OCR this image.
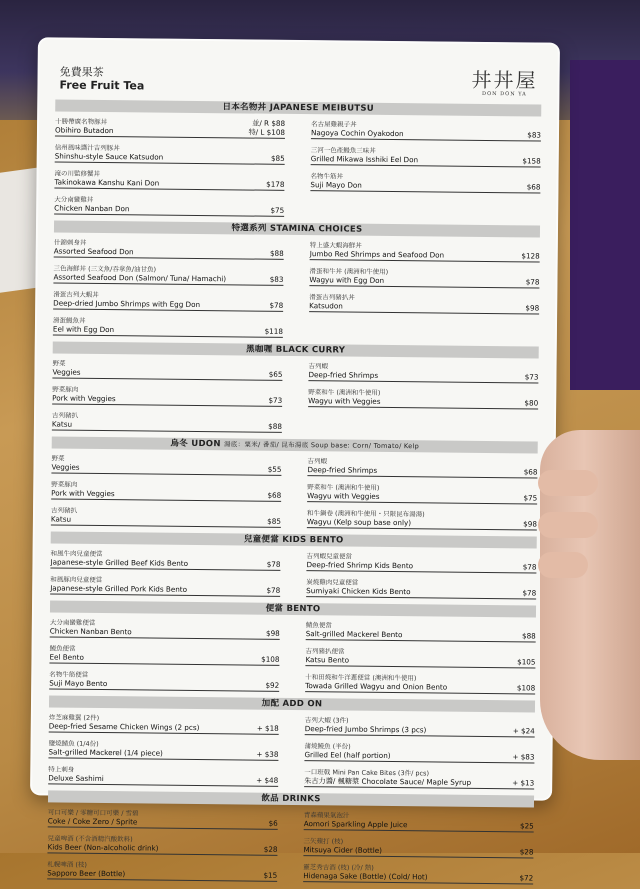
免費果茶
Free Fruit Tea	丼丼屋
DON DON YA
日本名物丼 JAPANESE MEIBUTSU
十勝帶廣名物豚丼
Obihiro Butadon
並/ R $88
特/ L $108
名古屋雞親子丼
Nagoya Cochin Oyakodon	$83
信州風味醬汁吉列豚丼
Shinshu-style Sauce Katsudon	$85
三河一色產鰻魚三味丼
Grilled Mikawa Isshiki Eel Don	$158
滝の川監修蟹丼
Takinokawa Kanshu Kani Don	$178
名物牛筋丼
Suji Mayo Don	$68
大分南蠻雞丼
Chicken Nanban Don	$75
特選系列 STAMINA CHOICES
什錦刺身丼
Assorted Seafood Don	$88
特上盛大蝦海鮮丼
Jumbo Red Shrimps and Seafood Don	$128
三色海鮮丼 (三文魚/吞拿魚/油甘魚)
Assorted Seafood Don (Salmon/ Tuna/ Hamachi)	$83
滑蛋和牛丼 (澳洲和牛使用)
Wagyu with Egg Don	$78
滑蛋吉列大蝦丼
Deep-dried Jumbo Shrimps with Egg Don	$78
滑蛋吉列豬扒丼
Katsudon	$98
滑蛋鰻魚丼
Eel with Egg Don	$118
黑咖喱 BLACK CURRY
野菜
Veggies	$65
吉列蝦
Deep-fried Shrimps	$73
野菜豚肉
Pork with Veggies	$73
野菜和牛 (澳洲和牛使用)
Wagyu with Veggies	$80
吉列豬扒
Katsu	$88
烏冬 UDON 湯底：粟米/ 番茄/ 昆布湯底 Soup base: Corn/ Tomato/ Kelp
野菜
Veggies	$55
吉列蝦
Deep-fried Shrimps	$68
野菜豚肉
Pork with Veggies	$68
野菜和牛 (澳洲和牛使用)
Wagyu with Veggies	$75
吉列豬扒
Katsu	$85
和牛鍋卷 (澳洲和牛使用・只限昆布湯湯)
Wagyu (Kelp soup base only)	$98
兒童便當 KIDS BENTO
和風牛肉兒童便當
Japanese-style Grilled Beef Kids Bento	$78
吉列蝦兒童便當
Deep-fried Shrimp Kids Bento	$78
和風豚肉兒童便當
Japanese-style Grilled Pork Kids Bento	$78
炭燒雞肉兒童便當
Sumiyaki Chicken Kids Bento	$78
便當 BENTO
大分南蠻雞便當
Chicken Nanban Bento	$98
鯖魚便當
Salt-grilled Mackerel Bento	$88
鰻魚便當
Eel Bento	$108
吉列豬扒便當
Katsu Bento	$105
名物牛筋便當
Suji Mayo Bento	$92
十和田燒和牛洋蔥便當 (澳洲和牛使用)
Towada Grilled Wagyu and Onion Bento	$108
加配 ADD ON
炸芝麻雞翼 (2件)
Deep-fried Sesame Chicken Wings (2 pcs)	+ $18
吉列大蝦 (3件)
Deep-fried Jumbo Shrimps (3 pcs)	+ $24
鹽燒鯖魚 (1/4份)
Salt-grilled Mackerel (1/4 piece)	+ $38
蒲燒鰻魚 (半份)
Grilled Eel (half portion)	+ $83
特上刺身
Deluxe Sashimi	+ $48
一口班戟 Mini Pan Cake Bites (3件/ pcs)
朱古力醬/ 楓糖漿 Chocolate Sauce/ Maple Syrup	+ $13
飲品 DRINKS
可口可樂 / 零糖可口可樂 / 雪碧
Coke / Coke Zero / Sprite	$6
青森蘋果氣泡汁
Aomori Sparkling Apple Juice	$25
兒童啤酒 (不含酒精汽酸飲料)
Kids Beer (Non-alcoholic drink)	$28
三矢蘋打 (枝)
Mitsuya Cider (Bottle)	$28
札幌啤酒 (枝)
Sapporo Beer (Bottle)	$15
靈芝秀吉酒 (枝) (冷/ 熱)
Hidenaga Sake (Bottle) (Cold/ Hot)	$72
